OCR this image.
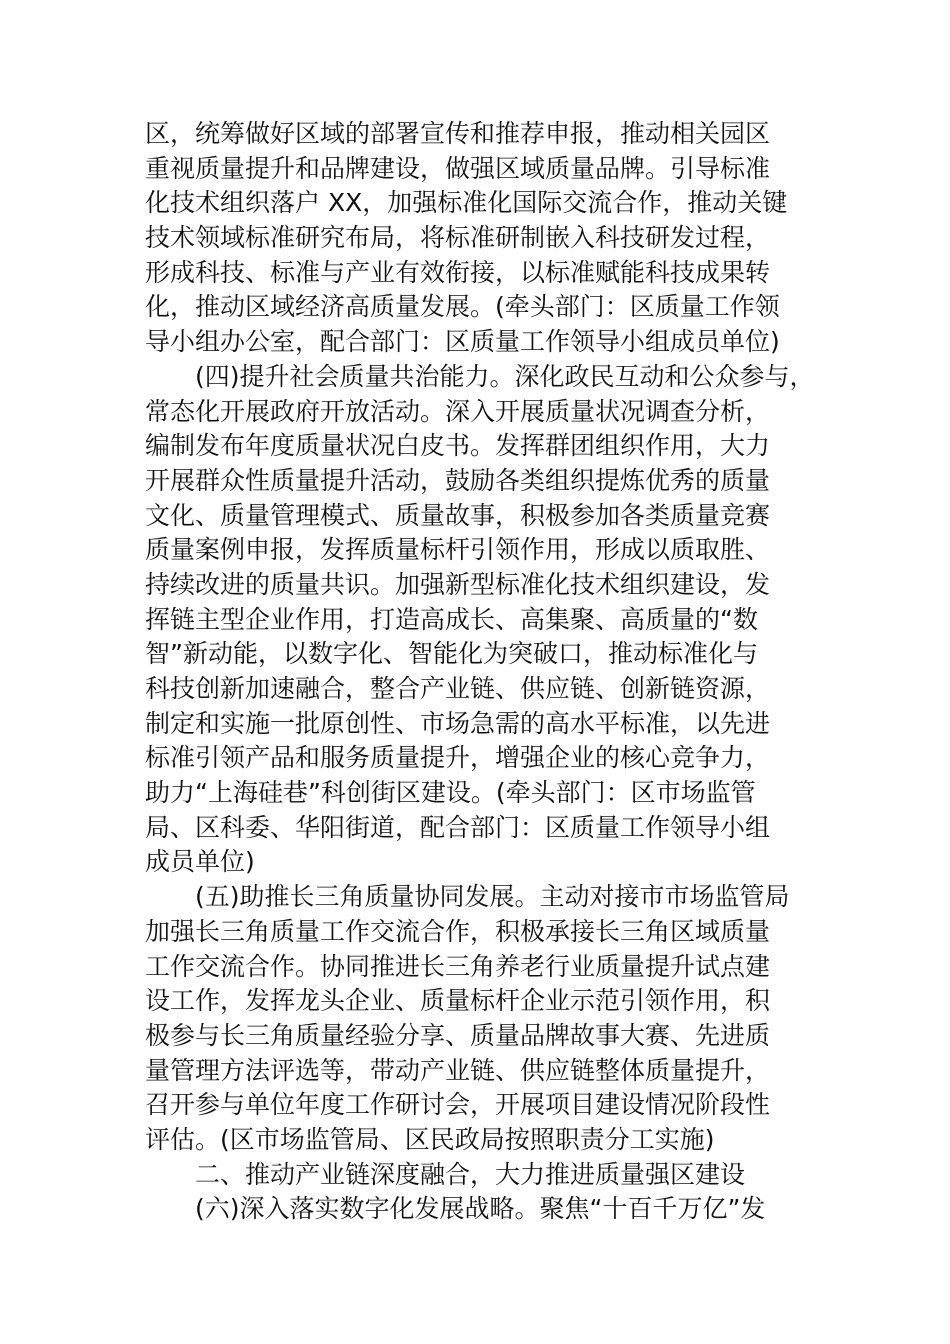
区，统筹做好区域的部署宣传和推荐申报，推动相关园区
重视质量提升和品牌建设，做强区域质量品牌。引导标准
化技术组织落户 XX，加强标准化国际交流合作，推动关键
技术领域标准研究布局，将标准研制嵌入科技研发过程，
形成科技、标准与产业有效衔接，以标准赋能科技成果转
化，推动区域经济高质量发展。(牵头部门：区质量工作领
导小组办公室，配合部门：区质量工作领导小组成员单位)
(四)提升社会质量共治能力。深化政民互动和公众参与，
常态化开展政府开放活动。深入开展质量状况调查分析，
编制发布年度质量状况白皮书。发挥群团组织作用，大力
开展群众性质量提升活动，鼓励各类组织提炼优秀的质量
文化、质量管理模式、质量故事，积极参加各类质量竞赛
质量案例申报，发挥质量标杆引领作用，形成以质取胜、
持续改进的质量共识。加强新型标准化技术组织建设，发
挥链主型企业作用，打造高成长、高集聚、高质量的“数
智”新动能，以数字化、智能化为突破口，推动标准化与
科技创新加速融合，整合产业链、供应链、创新链资源，
制定和实施一批原创性、市场急需的高水平标准，以先进
标准引领产品和服务质量提升，增强企业的核心竞争力，
助力“上海硅巷”科创街区建设。(牵头部门：区市场监管
局、区科委、华阳街道，配合部门：区质量工作领导小组
成员单位)
(五)助推长三角质量协同发展。主动对接市市场监管局
加强长三角质量工作交流合作，积极承接长三角区域质量
工作交流合作。协同推进长三角养老行业质量提升试点建
设工作，发挥龙头企业、质量标杆企业示范引领作用，积
极参与长三角质量经验分享、质量品牌故事大赛、先进质
量管理方法评选等，带动产业链、供应链整体质量提升，
召开参与单位年度工作研讨会，开展项目建设情况阶段性
评估。(区市场监管局、区民政局按照职责分工实施)
二、推动产业链深度融合，大力推进质量强区建设
(六)深入落实数字化发展战略。聚焦“十百千万亿”发
